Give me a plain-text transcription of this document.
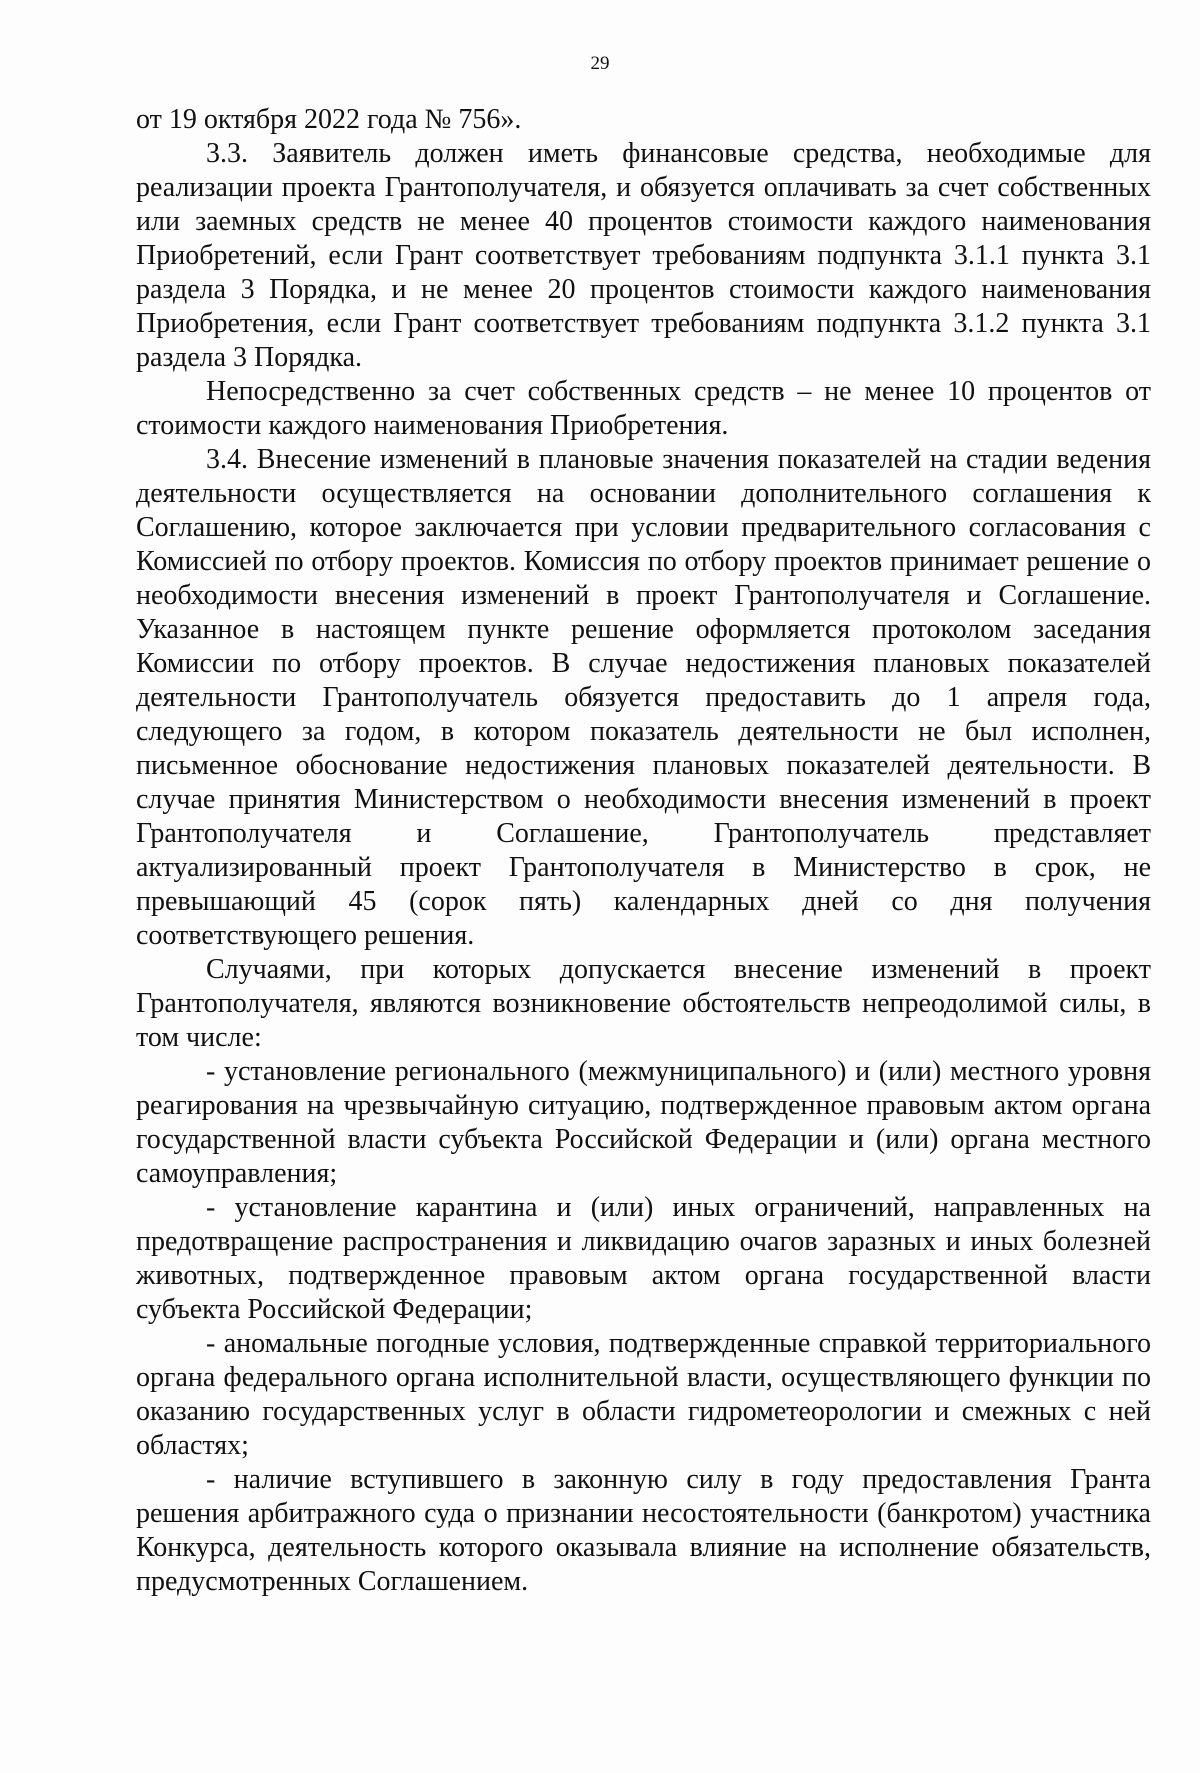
29

от 19 октября 2022 года № 756».

3.3. Заявитель должен иметь финансовые средства, необходимые для реализации проекта Грантополучателя, и обязуется оплачивать за счет собственных или заемных средств не менее 40 процентов стоимости каждого наименования Приобретений, если Грант соответствует требованиям подпункта 3.1.1 пункта 3.1 раздела 3 Порядка, и не менее 20 процентов стоимости каждого наименования Приобретения, если Грант соответствует требованиям подпункта 3.1.2 пункта 3.1 раздела 3 Порядка.

Непосредственно за счет собственных средств – не менее 10 процентов от стоимости каждого наименования Приобретения.

3.4. Внесение изменений в плановые значения показателей на стадии ведения деятельности осуществляется на основании дополнительного соглашения к Соглашению, которое заключается при условии предварительного согласования с Комиссией по отбору проектов. Комиссия по отбору проектов принимает решение о необходимости внесения изменений в проект Грантополучателя и Соглашение. Указанное в настоящем пункте решение оформляется протоколом заседания Комиссии по отбору проектов. В случае недостижения плановых показателей деятельности Грантополучатель обязуется предоставить до 1 апреля года, следующего за годом, в котором показатель деятельности не был исполнен, письменное обоснование недостижения плановых показателей деятельности. В случае принятия Министерством о необходимости внесения изменений в проект Грантополучателя и Соглашение, Грантополучатель представляет актуализированный проект Грантополучателя в Министерство в срок, не превышающий 45 (сорок пять) календарных дней со дня получения соответствующего решения.

Случаями, при которых допускается внесение изменений в проект Грантополучателя, являются возникновение обстоятельств непреодолимой силы, в том числе:

- установление регионального (межмуниципального) и (или) местного уровня реагирования на чрезвычайную ситуацию, подтвержденное правовым актом органа государственной власти субъекта Российской Федерации и (или) органа местного самоуправления;

- установление карантина и (или) иных ограничений, направленных на предотвращение распространения и ликвидацию очагов заразных и иных болезней животных, подтвержденное правовым актом органа государственной власти субъекта Российской Федерации;

- аномальные погодные условия, подтвержденные справкой территориального органа федерального органа исполнительной власти, осуществляющего функции по оказанию государственных услуг в области гидрометеорологии и смежных с ней областях;

- наличие вступившего в законную силу в году предоставления Гранта решения арбитражного суда о признании несостоятельности (банкротом) участника Конкурса, деятельность которого оказывала влияние на исполнение обязательств, предусмотренных Соглашением.
